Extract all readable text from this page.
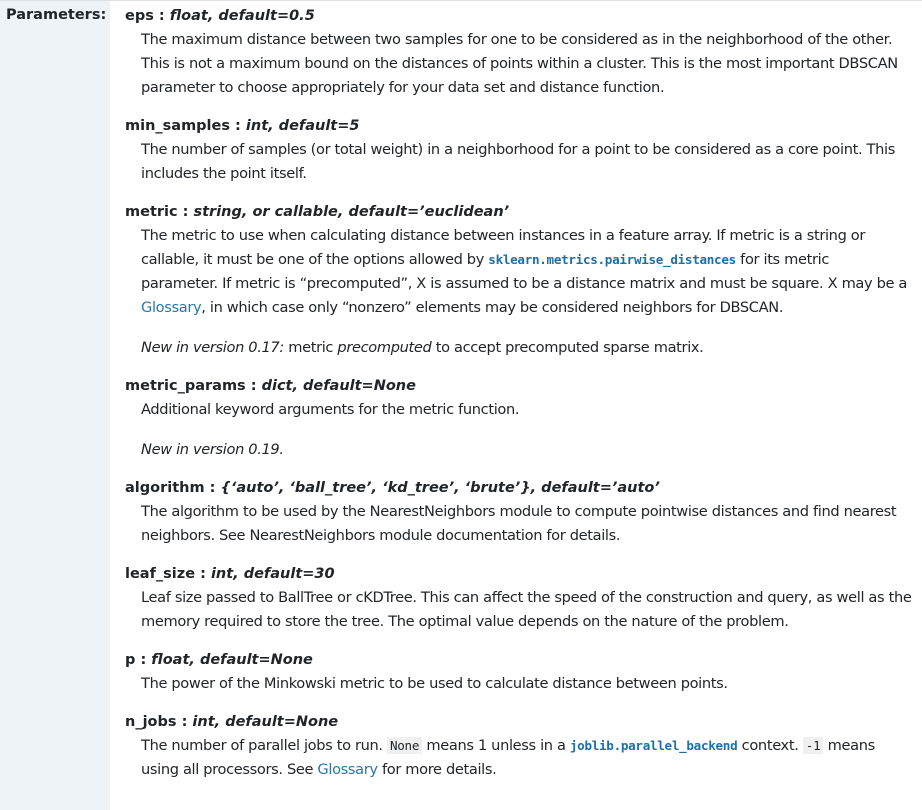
Parameters: eps : float, default=0.5

The maximum distance between two samples for one to be considered as in the neighborhood of the other.

This is not a maximum bound on the distances of points within a cluster. This is the most important DBSCAN

parameter to choose appropriately for your data set and distance function.

min_samples : int, default=5

The number of samples (or total weight) in a neighborhood for a point to be considered as a core point. This

includes the point itself.

metric : string, or callable, default=’euclidean’

The metric to use when calculating distance between instances in a feature array. If metric is a string or

callable, it must be one of the options allowed by sklearn.metrics.pairwise_distances for its metric

parameter. If metric is “precomputed”, X is assumed to be a distance matrix and must be square. X may be a

Glossary, in which case only “nonzero” elements may be considered neighbors for DBSCAN.

New in version 0.17: metric precomputed to accept precomputed sparse matrix.

metric_params : dict, default=None

Additional keyword arguments for the metric function.

New in version 0.19.

algorithm : {‘auto’, ‘ball_tree’, ‘kd_tree’, ‘brute’}, default=’auto’

The algorithm to be used by the NearestNeighbors module to compute pointwise distances and find nearest

neighbors. See NearestNeighbors module documentation for details.

leaf_size : int, default=30

Leaf size passed to BallTree or cKDTree. This can affect the speed of the construction and query, as well as the

memory required to store the tree. The optimal value depends on the nature of the problem.

p : float, default=None

The power of the Minkowski metric to be used to calculate distance between points.

n_jobs : int, default=None

The number of parallel jobs to run. None means 1 unless in a joblib.parallel_backend context. -1 means

using all processors. See Glossary for more details.
